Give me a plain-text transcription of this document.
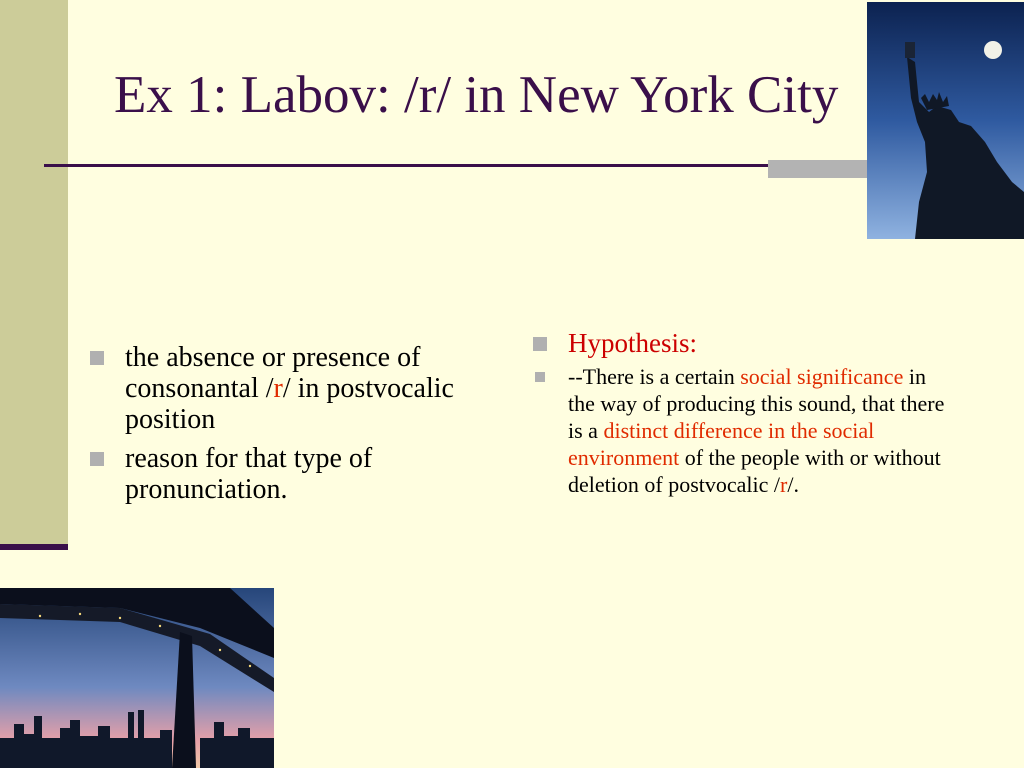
Ex 1: Labov: /r/ in New York City
the absence or presence of consonantal /r/ in postvocalic position
reason for that type of pronunciation.
Hypothesis:
--There is a certain social significance in the way of producing this sound, that there is a distinct difference in the social environment of the people with or without deletion of postvocalic /r/.
